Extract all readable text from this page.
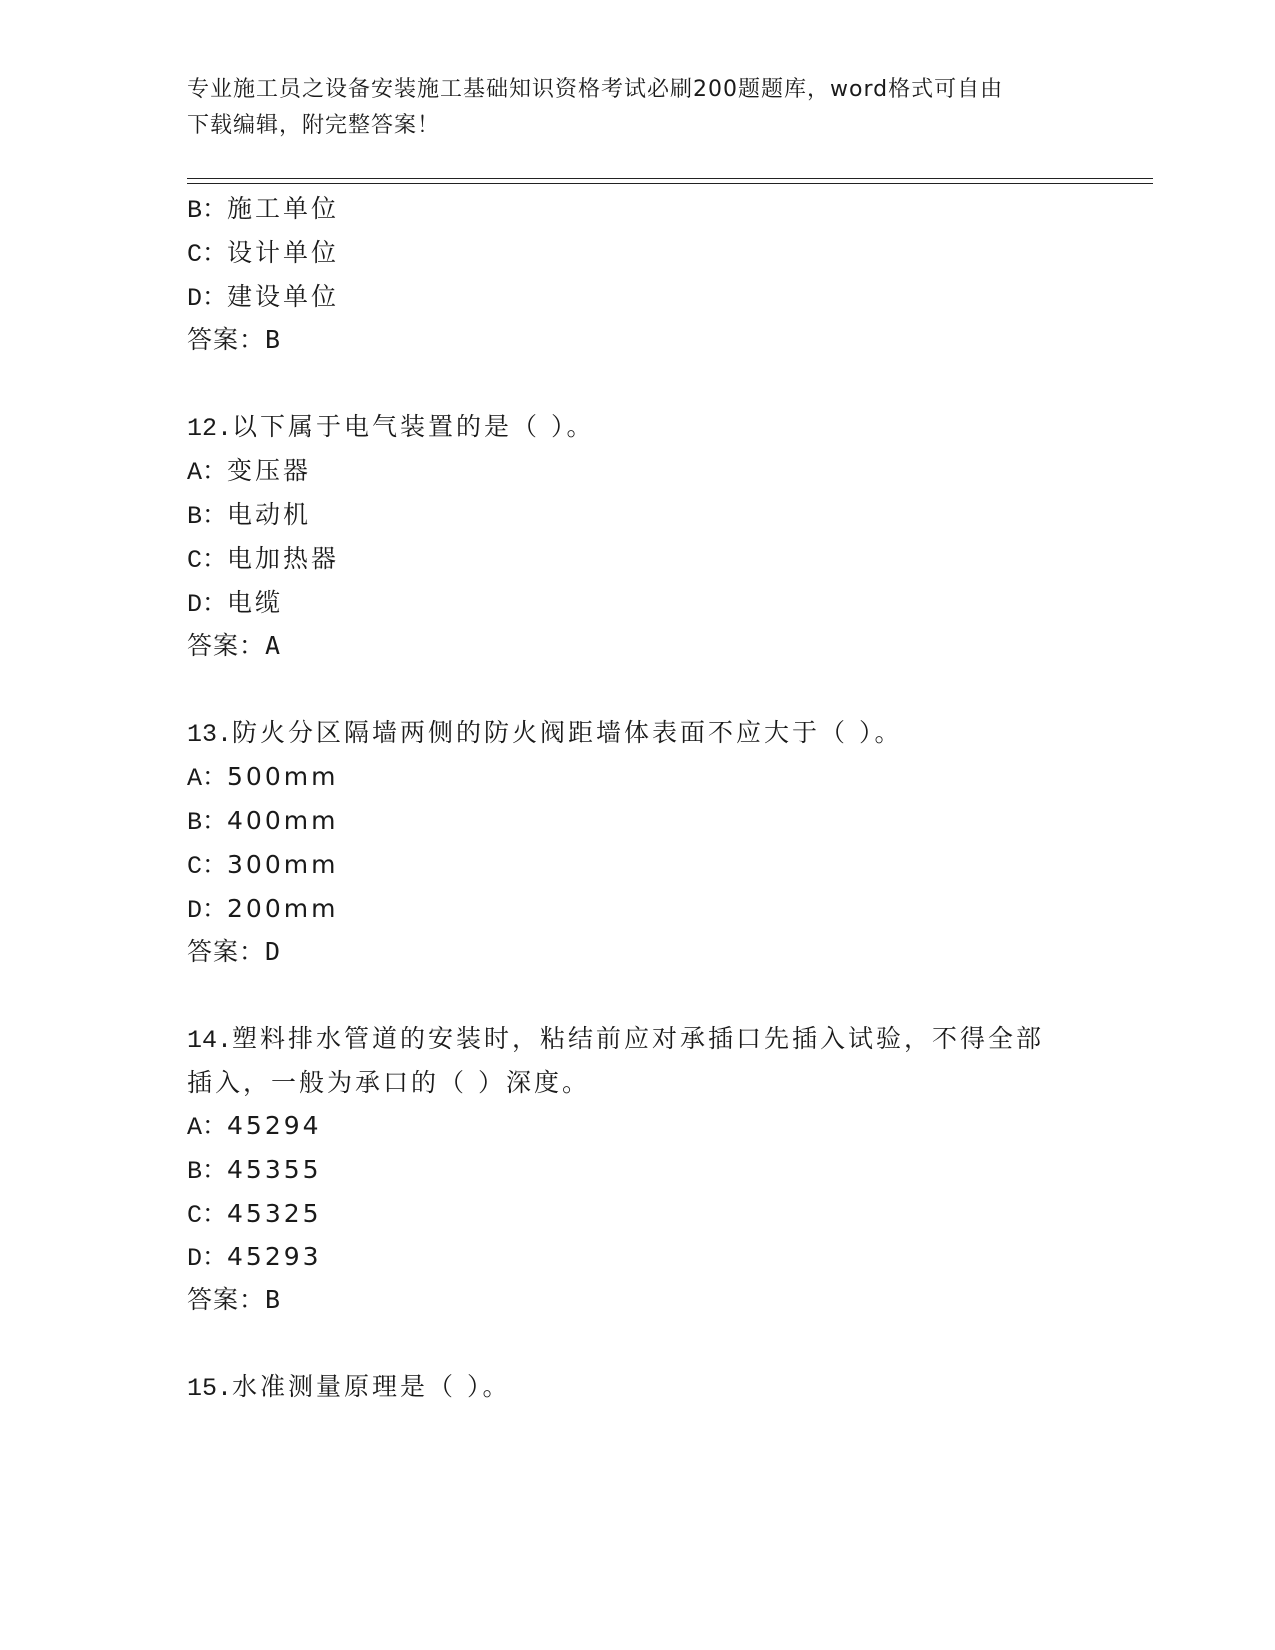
专业施工员之设备安装施工基础知识资格考试必刷200题题库，word格式可自由
下载编辑，附完整答案！
B：施工单位
C：设计单位
D：建设单位
答案：B
12.以下属于电气装置的是（ ）。
A：变压器
B：电动机
C：电加热器
D：电缆
答案：A
13.防火分区隔墙两侧的防火阀距墙体表面不应大于（ ）。
A：500mm
B：400mm
C：300mm
D：200mm
答案：D
14.塑料排水管道的安装时，粘结前应对承插口先插入试验，不得全部
插入，一般为承口的（ ）深度。
A：45294
B：45355
C：45325
D：45293
答案：B
15.水准测量原理是（ ）。
